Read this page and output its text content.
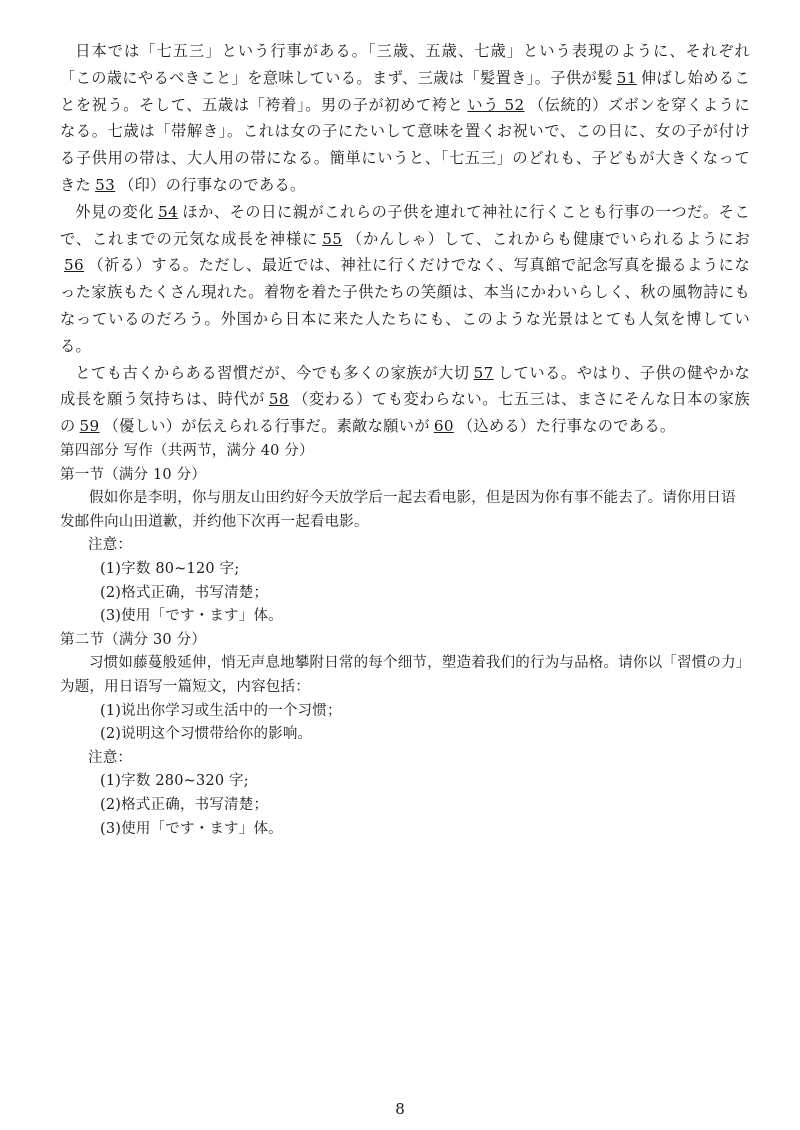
日本では「七五三」という行事がある。「三歳、五歳、七歳」という表現のように、それぞれ「この歳にやるべきこと」を意味している。まず、三歳は「髪置き」。子供が髪 51 伸ばし始めることを祝う。そして、五歳は「袴着」。男の子が初めて袴と いう 52 （伝統的）ズボンを穿くようになる。七歳は「帯解き」。これは女の子にたいして意味を置くお祝いで、この日に、女の子が付ける子供用の帯は、大人用の帯になる。簡単にいうと、「七五三」のどれも、子どもが大きくなってきた 53 （印）の行事なのである。

外見の変化 54 ほか、その日に親がこれらの子供を連れて神社に行くことも行事の一つだ。そこで、これまでの元気な成長を神様に 55 （かんしゃ）して、これからも健康でいられるようにお56 （祈る）する。ただし、最近では、神社に行くだけでなく、写真館で記念写真を撮るようになった家族もたくさん現れた。着物を着た子供たちの笑顔は、本当にかわいらしく、秋の風物詩にもなっているのだろう。外国から日本に来た人たちにも、このような光景はとても人気を博している。

とても古くからある習慣だが、今でも多くの家族が大切 57 している。やはり、子供の健やかな成長を願う気持ちは、時代が 58 （変わる）ても変わらない。七五三は、まさにそんな日本の家族の 59 （優しい）が伝えられる行事だ。素敵な願いが 60 （込める）た行事なのである。

第四部分 写作（共两节，满分 40 分）

第一节（满分 10 分）

假如你是李明，你与朋友山田约好今天放学后一起去看电影，但是因为你有事不能去了。请你用日语发邮件向山田道歉，并约他下次再一起看电影。

注意：

(1)字数 80~120 字;

(2)格式正确，书写清楚；

(3)使用「です・ます」体。

第二节（满分 30 分）

习惯如藤蔓般延伸，悄无声息地攀附日常的每个细节，塑造着我们的行为与品格。请你以「習慣の力」为题，用日语写一篇短文，内容包括：

(1)说出你学习或生活中的一个习惯；

(2)说明这个习惯带给你的影响。

注意：

(1)字数 280~320 字;

(2)格式正确，书写清楚；

(3)使用「です・ます」体。

8
